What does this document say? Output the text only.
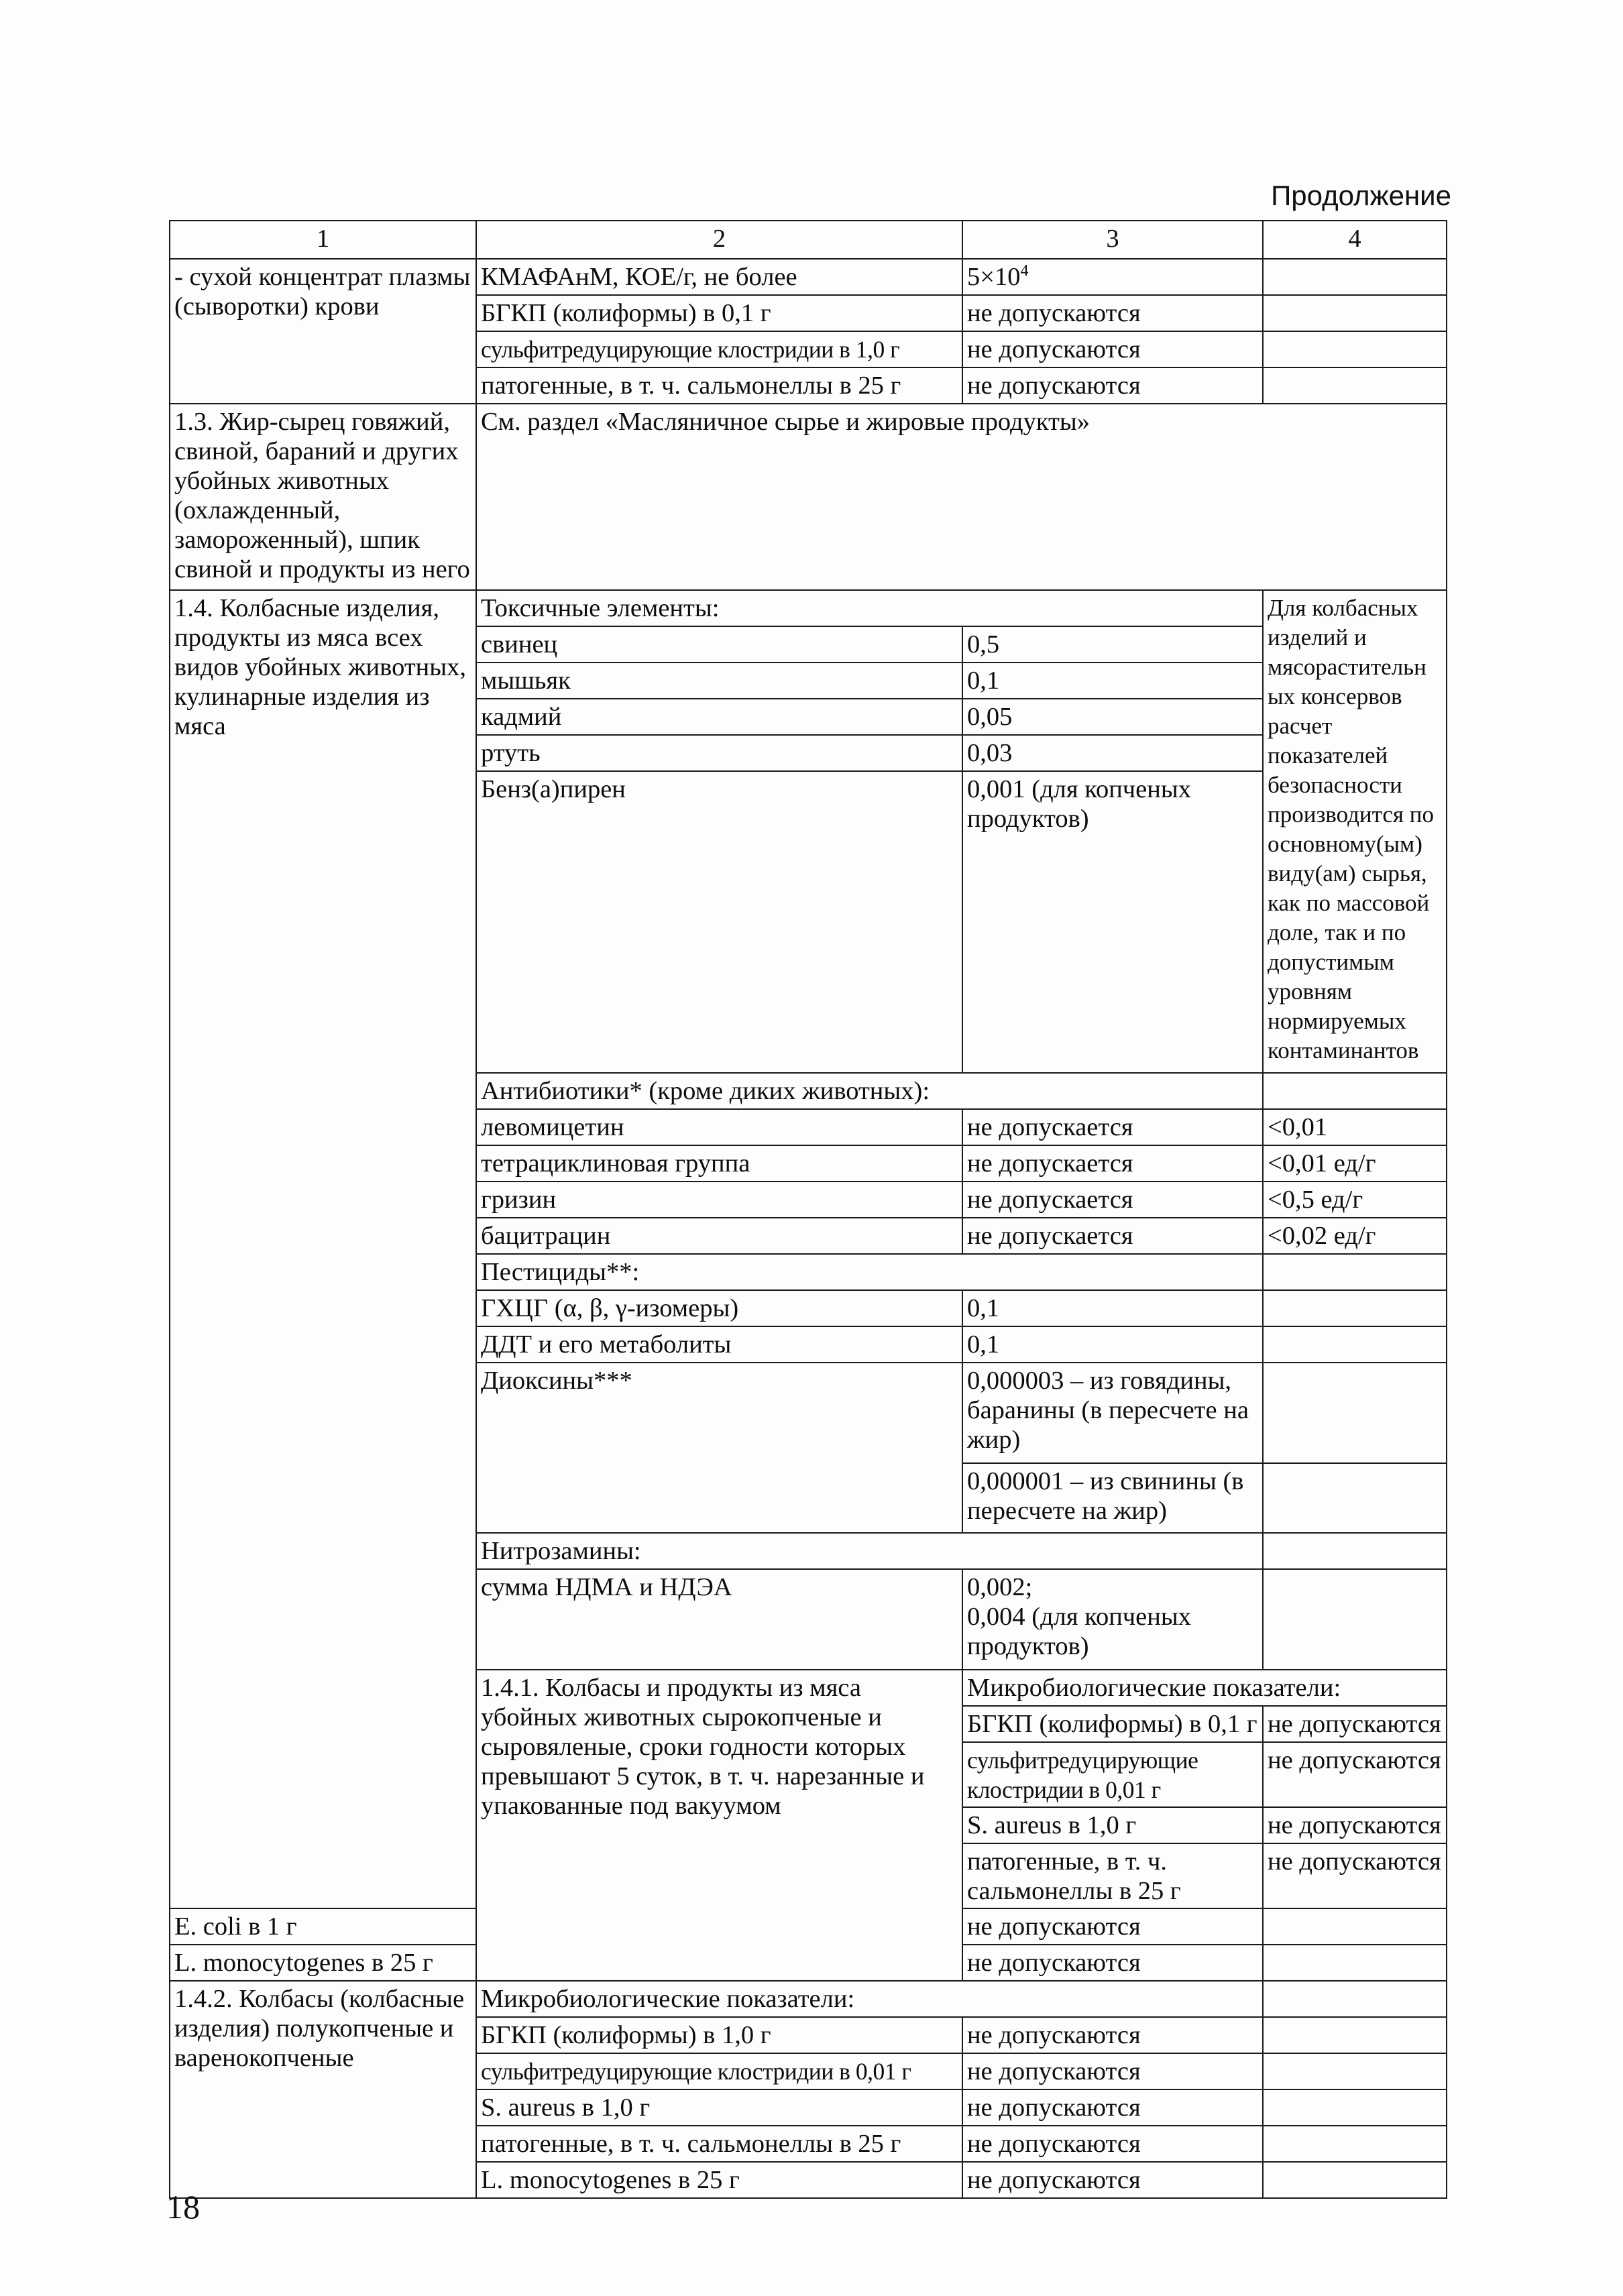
Продолжение
1	2	3	4	
- сухой концентрат плазмы (сыворотки) крови	КМАФАнМ, КОЕ/г, не более	$5\times 10^4$	
	БГКП (колиформы) в 0,1 г	не допускаются		
	сульфитредуцирующие клостридии в 1,0 г	не допускаются		
	патогенные, в т. ч. сальмонеллы в 25 г	не допускаются		
1.3. Жир-сырец говяжий, свиной, бараний и других убойных животных (охлажденный, замороженный), шпик свиной и продукты из него	См. раздел «Масляничное сырье и жировые продукты»			
1.4. Колбасные изделия, продукты из мяса всех видов убойных животных, кулинарные изделия из мяса	Токсичные элементы:		Для колбасных изделий и мясорастительных консервов расчет показателей безопасности производится по основному(ым) виду(ам) сырья, как по массовой доле, так и по допустимым уровням нормируемых контаминантов	
	свинец	0,5		
	мышьяк	0,1		
	кадмий	0,05		
	ртуть	0,03		
	Бенз(а)пирен	0,001 (для копченых продуктов)		
	Антибиотики* (кроме диких животных):			
	левомицетин	не допускается	<0,01	
	тетрациклиновая группа	не допускается	<0,01 ед/г	
	гризин	не допускается	<0,5 ед/г	
	бацитрацин	не допускается	<0,02 ед/г	
	Пестициды**:			
	ГХЦГ (α, β, γ-изомеры)	0,1		
	ДДТ и его метаболиты	0,1		
	Диоксины***	0,000003 – из говядины, баранины (в пересчете на жир)		
		0,000001 – из свинины (в пересчете на жир)		
	Нитрозамины:			
	сумма НДМА и НДЭА	0,002;
0,004 (для копченых продуктов)		

	1.4.1. Колбасы и продукты из мяса убойных животных сырокопченые и сыровяленые, сроки годности которых превышают 5 суток, в т. ч. нарезанные и упакованные под вакуумом	Микробиологические показатели:		
		БГКП (колиформы) в 0,1 г	не допускаются	
		сульфитредуцирующие клостридии в 0,01 г	не допускаются	
		S. aureus в 1,0 г	не допускаются	
		патогенные, в т. ч. сальмонеллы в 25 г	не допускаются	
E. coli в 1 г		не допускаются		
L. monocytogenes в 25 г		не допускаются		
1.4.2. Колбасы (колбасные изделия) полукопченые и варенокопченые	Микробиологические показатели:			
	БГКП (колиформы) в 1,0 г	не допускаются		
	сульфитредуцирующие клостридии в 0,01 г	не допускаются		
	S. aureus в 1,0 г	не допускаются		
	патогенные, в т. ч. сальмонеллы в 25 г	не допускаются		
	L. monocytogenes в 25 г	не допускаются		
18
